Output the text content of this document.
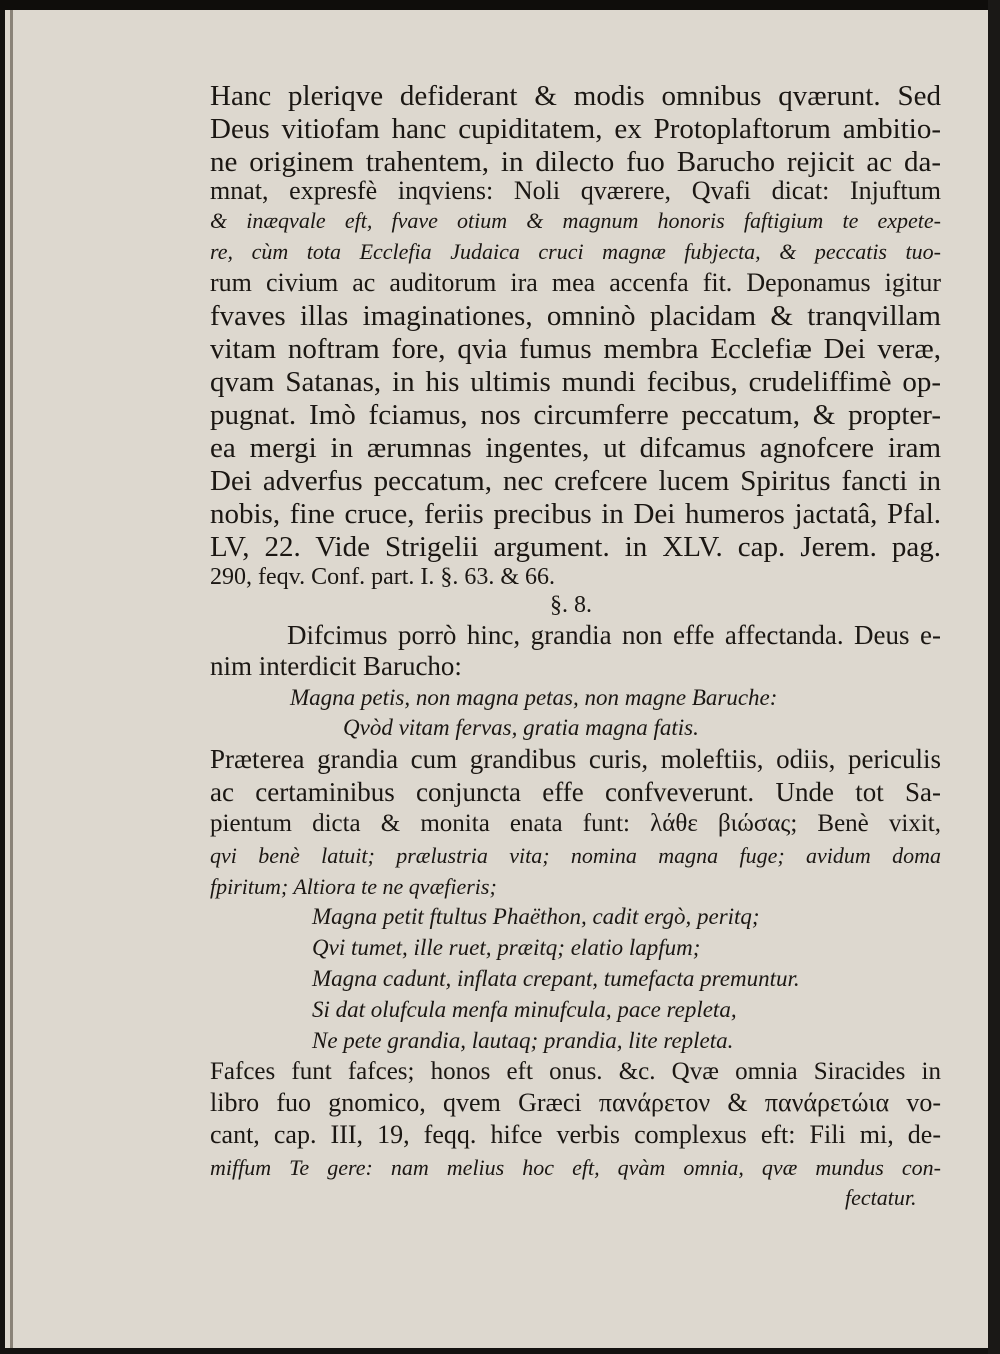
Hanc pleriqve defiderant & modis omnibus qværunt. Sed
Deus vitiofam hanc cupiditatem, ex Protoplaftorum ambitio-
ne originem trahentem, in dilecto fuo Barucho rejicit ac da-
mnat, expresfè inqviens: Noli qværere, Qvafi dicat: Injuftum
& inæqvale eft, fvave otium & magnum honoris faftigium te expete-
re, cùm tota Ecclefia Judaica cruci magnæ fubjecta, & peccatis tuo-
rum civium ac auditorum ira mea accenfa fit. Deponamus igitur
fvaves illas imaginationes, omninò placidam & tranqvillam
vitam noftram fore, qvia fumus membra Ecclefiæ Dei veræ,
qvam Satanas, in his ultimis mundi fecibus, crudeliffimè op-
pugnat. Imò fciamus, nos circumferre peccatum, & propter-
ea mergi in ærumnas ingentes, ut difcamus agnofcere iram
Dei adverfus peccatum, nec crefcere lucem Spiritus fancti in
nobis, fine cruce, feriis precibus in Dei humeros jactatâ, Pfal.
LV, 22. Vide Strigelii argument. in XLV. cap. Jerem. pag.
290, feqv. Conf. part. I. §. 63. & 66.
§. 8.
Difcimus porrò hinc, grandia non effe affectanda. Deus e-
nim interdicit Barucho:
Magna petis, non magna petas, non magne Baruche:
Qvòd vitam fervas, gratia magna fatis.
Præterea grandia cum grandibus curis, moleftiis, odiis, periculis
ac certaminibus conjuncta effe confveverunt. Unde tot Sa-
pientum dicta & monita enata funt: λάθε βιώσας; Benè vixit,
qvi benè latuit; prælustria vita; nomina magna fuge; avidum doma
fpiritum; Altiora te ne qvæfieris;
Magna petit ftultus Phaëthon, cadit ergò, peritq;
Qvi tumet, ille ruet, præitq; elatio lapfum;
Magna cadunt, inflata crepant, tumefacta premuntur.
Si dat olufcula menfa minufcula, pace repleta,
Ne pete grandia, lautaq; prandia, lite repleta.
Fafces funt fafces; honos eft onus. &c. Qvæ omnia Siracides in
libro fuo gnomico, qvem Græci πανάρετον & πανάρετώια vo-
cant, cap. III, 19, feqq. hifce verbis complexus eft: Fili mi, de-
miffum Te gere: nam melius hoc eft, qvàm omnia, qvæ mundus con-
fectatur.
